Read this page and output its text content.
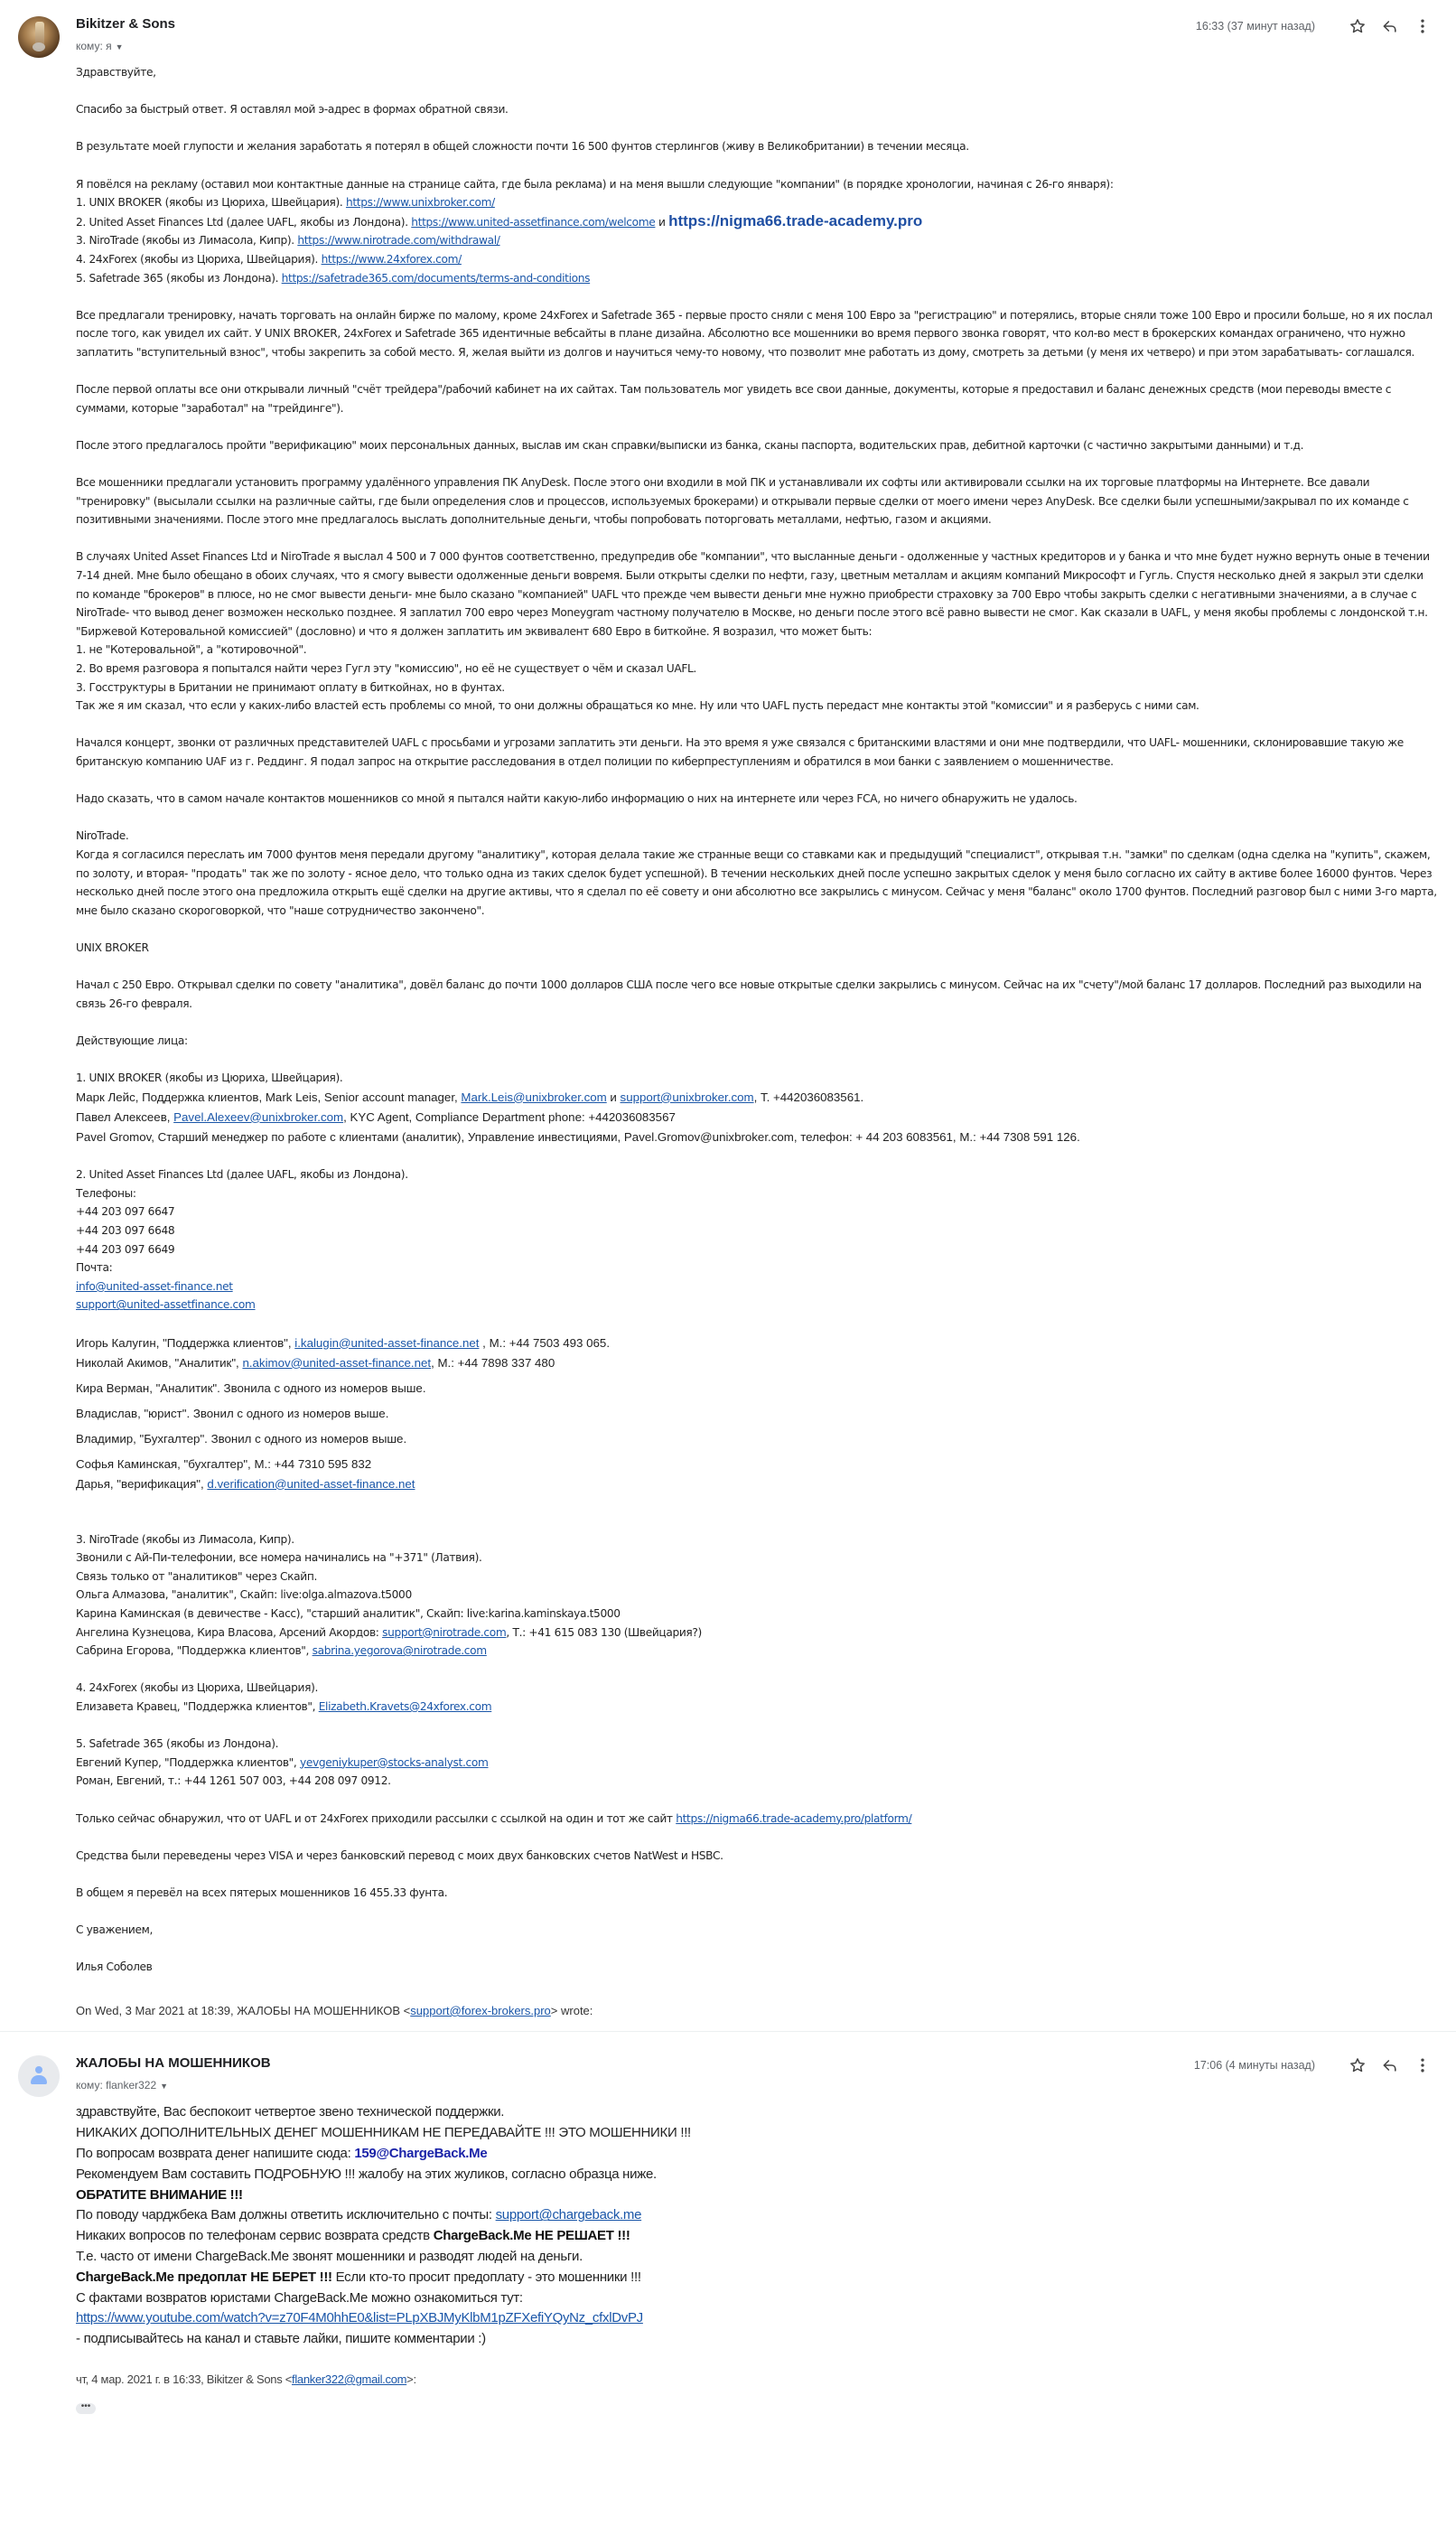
Bikitzer & Sons
кому: я ▼
16:33 (37 минут назад)

Здравствуйте,

Спасибо за быстрый ответ. Я оставлял мой э-адрес в формах обратной связи.

В результате моей глупости и желания заработать я потерял в общей сложности почти 16 500 фунтов стерлингов (живу в Великобритании) в течении месяца.

Я повёлся на рекламу (оставил мои контактные данные на странице сайта, где была реклама) и на меня вышли следующие "компании" (в порядке хронологии, начиная с 26-го января):
1. UNIX BROKER (якобы из Цюриха, Швейцария). https://www.unixbroker.com/
2. United Asset Finances Ltd (далее UAFL, якобы из Лондона). https://www.united-assetfinance.com/welcome и https://nigma66.trade-academy.pro
3. NiroTrade (якобы из Лимасола, Кипр). https://www.nirotrade.com/withdrawal/
4. 24xForex (якобы из Цюриха, Швейцария). https://www.24xforex.com/
5. Safetrade 365 (якобы из Лондона). https://safetrade365.com/documents/terms-and-conditions

Все предлагали тренировку, начать торговать на онлайн бирже по малому, кроме 24xForex и Safetrade 365 - первые просто сняли с меня 100 Евро за "регистрацию" и потерялись, вторые сняли тоже 100 Евро и просили больше, но я их послал после того, как увидел их сайт. У UNIX BROKER, 24xForex и Safetrade 365 идентичные вебсайты в плане дизайна. Абсолютно все мошенники во время первого звонка говорят, что кол-во мест в брокерских командах ограничено, что нужно заплатить "вступительный взнос", чтобы закрепить за собой место. Я, желая выйти из долгов и научиться чему-то новому, что позволит мне работать из дому, смотреть за детьми (у меня их четверо) и при этом зарабатывать- соглашался.

После первой оплаты все они открывали личный "счёт трейдера"/рабочий кабинет на их сайтах. Там пользователь мог увидеть все свои данные, документы, которые я предоставил и баланс денежных средств (мои переводы вместе с суммами, которые "заработал" на "трейдинге").

После этого предлагалось пройти "верификацию" моих персональных данных, выслав им скан справки/выписки из банка, сканы паспорта, водительских прав, дебитной карточки (с частично закрытыми данными) и т.д.

Все мошенники предлагали установить программу удалённого управления ПК AnyDesk. После этого они входили в мой ПК и устанавливали их софты или активировали ссылки на их торговые платформы на Интернете. Все давали "тренировку" (высылали ссылки на различные сайты, где были определения слов и процессов, используемых брокерами) и открывали первые сделки от моего имени через AnyDesk. Все сделки были успешными/закрывал по их команде с позитивными значениями. После этого мне предлагалось выслать дополнительные деньги, чтобы попробовать поторговать металлами, нефтью, газом и акциями.

В случаях United Asset Finances Ltd и NiroTrade я выслал 4 500 и 7 000 фунтов соответственно, предупредив обе "компании", что высланные деньги - одолженные у частных кредиторов и у банка и что мне будет нужно вернуть оные в течении 7-14 дней. Мне было обещано в обоих случаях, что я смогу вывести одолженные деньги вовремя. Были открыты сделки по нефти, газу, цветным металлам и акциям компаний Микрософт и Гугль. Спустя несколько дней я закрыл эти сделки по команде "брокеров" в плюсе, но не смог вывести деньги- мне было сказано "компанией" UAFL что прежде чем вывести деньги мне нужно приобрести страховку за 700 Евро чтобы закрыть сделки с негативными значениями, а в случае с NiroTrade- что вывод денег возможен несколько позднее. Я заплатил 700 евро через Moneygram частному получателю в Москве, но деньги после этого всё равно вывести не смог. Как сказали в UAFL, у меня якобы проблемы с лондонской т.н. "Биржевой Котеровальной комиссией" (дословно) и что я должен заплатить им эквивалент 680 Евро в биткойне. Я возразил, что может быть:
1. не "Котеровальной", а "котировочной".
2. Во время разговора я попытался найти через Гугл эту "комиссию", но её не существует о чём и сказал UAFL.
3. Госструктуры в Британии не принимают оплату в биткойнах, но в фунтах.
Так же я им сказал, что если у каких-либо властей есть проблемы со мной, то они должны обращаться ко мне. Ну или что UAFL пусть передаст мне контакты этой "комиссии" и я разберусь с ними сам.

Начался концерт, звонки от различных представителей UAFL с просьбами и угрозами заплатить эти деньги. На это время я уже связался с британскими властями и они мне подтвердили, что UAFL- мошенники, склонировавшие такую же британскую компанию UAF из г. Реддинг. Я подал запрос на открытие расследования в отдел полиции по киберпреступлениям и обратился в мои банки с заявлением о мошенничестве.

Надо сказать, что в самом начале контактов мошенников со мной я пытался найти какую-либо информацию о них на интернете или через FCA, но ничего обнаружить не удалось.

NiroTrade.
Когда я согласился переслать им 7000 фунтов меня передали другому "аналитику", которая делала такие же странные вещи со ставками как и предыдущий "специалист", открывая т.н. "замки" по сделкам (одна сделка на "купить", скажем, по золоту, и вторая- "продать" так же по золоту - ясное дело, что только одна из таких сделок будет успешной). В течении нескольких дней после успешно закрытых сделок у меня было согласно их сайту в активе более 16000 фунтов. Через несколько дней после этого она предложила открыть ещё сделки на другие активы, что я сделал по её совету и они абсолютно все закрылись с минусом. Сейчас у меня "баланс" около 1700 фунтов. Последний разговор был с ними 3-го марта, мне было сказано скороговоркой, что "наше сотрудничество закончено".

UNIX BROKER

Начал с 250 Евро. Открывал сделки по совету "аналитика", довёл баланс до почти 1000 долларов США после чего все новые открытые сделки закрылись с минусом. Сейчас на их "счету"/мой баланс 17 долларов. Последний раз выходили на связь 26-го февраля.

Действующие лица:

1. UNIX BROKER (якобы из Цюриха, Швейцария).
Марк Лейс, Поддержка клиентов, Mark Leis, Senior account manager, Mark.Leis@unixbroker.com и support@unixbroker.com, Т. +442036083561.
Павел Алексеев, Pavel.Alexeev@unixbroker.com, KYC Agent, Compliance Department phone: +442036083567
Pavel Gromov, Старший менеджер по работе с клиентами (аналитик), Управление инвестициями, Pavel.Gromov@unixbroker.com, телефон: + 44 203 6083561, М.: +44 7308 591 126.

2. United Asset Finances Ltd (далее UAFL, якобы из Лондона).
Телефоны:
+44 203 097 6647
+44 203 097 6648
+44 203 097 6649
Почта:
info@united-asset-finance.net
support@united-assetfinance.com

Игорь Калугин, "Поддержка клиентов", i.kalugin@united-asset-finance.net , М.: +44 7503 493 065.
Николай Акимов, "Аналитик", n.akimov@united-asset-finance.net, М.: +44 7898 337 480
Кира Верман, "Аналитик". Звонила с одного из номеров выше.
Владислав, "юрист". Звонил с одного из номеров выше.
Владимир, "Бухгалтер". Звонил с одного из номеров выше.
Софья Каминская, "бухгалтер", М.: +44 7310 595 832
Дарья, "верификация", d.verification@united-asset-finance.net

3. NiroTrade (якобы из Лимасола, Кипр).
Звонили с Ай-Пи-телефонии, все номера начинались на "+371" (Латвия).
Связь только от "аналитиков" через Скайп.
Ольга Алмазова, "аналитик", Скайп: live:olga.almazova.t5000
Карина Каминская (в девичестве - Касс), "старший аналитик", Скайп: live:karina.kaminskaya.t5000
Ангелина Кузнецова, Кира Власова, Арсений Акордов: support@nirotrade.com, Т.: +41 615 083 130 (Швейцария?)
Сабрина Егорова, "Поддержка клиентов", sabrina.yegorova@nirotrade.com

4. 24xForex (якобы из Цюриха, Швейцария).
Елизавета Кравец, "Поддержка клиентов", Elizabeth.Kravets@24xforex.com

5. Safetrade 365 (якобы из Лондона).
Евгений Купер, "Поддержка клиентов", yevgeniykuper@stocks-analyst.com
Роман, Евгений, т.: +44 1261 507 003, +44 208 097 0912.

Только сейчас обнаружил, что от UAFL и от 24xForex приходили рассылки с ссылкой на один и тот же сайт https://nigma66.trade-academy.pro/platform/

Средства были переведены через VISA и через банковский перевод с моих двух банковских счетов NatWest и HSBC.

В общем я перевёл на всех пятерых мошенников 16 455.33 фунта.

С уважением,

Илья Соболев

On Wed, 3 Mar 2021 at 18:39, ЖАЛОБЫ НА МОШЕННИКОВ <support@forex-brokers.pro> wrote:
ЖАЛОБЫ НА МОШЕННИКОВ
кому: flanker322 ▼
17:06 (4 минуты назад)
здравствуйте, Вас беспокоит четвертое звено технической поддержки.
НИКАКИХ ДОПОЛНИТЕЛЬНЫХ ДЕНЕГ МОШЕННИКАМ НЕ ПЕРЕДАВАЙТЕ !!! ЭТО МОШЕННИКИ !!!
По вопросам возврата денег напишите сюда: 159@ChargeBack.Me
Рекомендуем Вам составить ПОДРОБНУЮ !!! жалобу на этих жуликов, согласно образца ниже.
ОБРАТИТЕ ВНИМАНИЕ !!!
По поводу чарджбека Вам должны ответить исключительно с почты: support@chargeback.me
Никаких вопросов по телефонам сервис возврата средств ChargeBack.Me НЕ РЕШАЕТ !!!
Т.е. часто от имени ChargeBack.Me звонят мошенники и разводят людей на деньги.
ChargeBack.Me предоплат НЕ БЕРЕТ !!! Если кто-то просит предоплату - это мошенники !!!
С фактами возвратов юристами ChargeBack.Me можно ознакомиться тут:
https://www.youtube.com/watch?v=z70F4M0hhE0&list=PLpXBJMyKlbM1pZFXefiYQyNz_cfxlDvPJ
- подписывайтесь на канал и ставьте лайки, пишите комментарии :)
чт, 4 мар. 2021 г. в 16:33, Bikitzer & Sons <flanker322@gmail.com>:
•••
